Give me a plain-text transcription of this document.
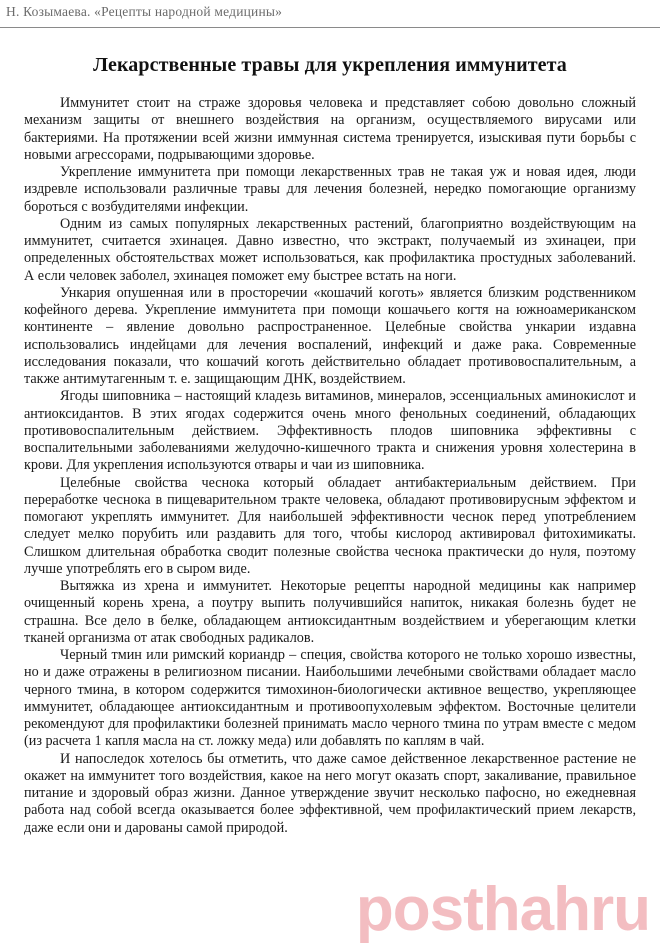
Н. Козымаева. «Рецепты народной медицины»
Лекарственные травы для укрепления иммунитета

Иммунитет стоит на страже здоровья человека и представляет собою довольно сложный механизм защиты от внешнего воздействия на организм, осуществляемого вирусами или бактериями. На протяжении всей жизни иммунная система тренируется, изыскивая пути борьбы с новыми агрессорами, подрывающими здоровье.

Укрепление иммунитета при помощи лекарственных трав не такая уж и новая идея, люди издревле использовали различные травы для лечения болезней, нередко помогающие организму бороться с возбудителями инфекции.

Одним из самых популярных лекарственных растений, благоприятно воздействующим на иммунитет, считается эхинацея. Давно известно, что экстракт, получаемый из эхинацеи, при определенных обстоятельствах может использоваться, как профилактика простудных заболеваний. А если человек заболел, эхинацея поможет ему быстрее встать на ноги.

Ункария опушенная или в просторечии «кошачий коготь» является близким родственником кофейного дерева. Укрепление иммунитета при помощи кошачьего когтя на южноамериканском континенте – явление довольно распространенное. Целебные свойства ункарии издавна использовались индейцами для лечения воспалений, инфекций и даже рака. Современные исследования показали, что кошачий коготь действительно обладает противовоспалительным, а также антимутагенным т. е. защищающим ДНК, воздействием.

Ягоды шиповника – настоящий кладезь витаминов, минералов, эссенциальных аминокислот и антиоксидантов. В этих ягодах содержится очень много фенольных соединений, обладающих противовоспалительным действием. Эффективность плодов шиповника эффективны с воспалительными заболеваниями желудочно-кишечного тракта и снижения уровня холестерина в крови. Для укрепления используются отвары и чаи из шиповника.

Целебные свойства чеснока который обладает антибактериальным действием. При переработке чеснока в пищеварительном тракте человека, обладают противовирусным эффектом и помогают укреплять иммунитет. Для наибольшей эффективности чеснок перед употреблением следует мелко порубить или раздавить для того, чтобы кислород активировал фитохимикаты. Слишком длительная обработка сводит полезные свойства чеснока практически до нуля, поэтому лучше употреблять его в сыром виде.

Вытяжка из хрена и иммунитет. Некоторые рецепты народной медицины как например очищенный корень хрена, а поутру выпить получившийся напиток, никакая болезнь будет не страшна. Все дело в белке, обладающем антиоксидантным воздействием и уберегающим клетки тканей организма от атак свободных радикалов.

Черный тмин или римский кориандр – специя, свойства которого не только хорошо известны, но и даже отражены в религиозном писании. Наибольшими лечебными свойствами обладает масло черного тмина, в котором содержится тимохинон-биологически активное вещество, укрепляющее иммунитет, обладающее антиоксидантным и противоопухолевым эффектом. Восточные целители рекомендуют для профилактики болезней принимать масло черного тмина по утрам вместе с медом (из расчета 1 капля масла на ст. ложку меда) или добавлять по каплям в чай.

И напоследок хотелось бы отметить, что даже самое действенное лекарственное растение не окажет на иммунитет того воздействия, какое на него могут оказать спорт, закаливание, правильное питание и здоровый образ жизни. Данное утверждение звучит несколько пафосно, но ежедневная работа над собой всегда оказывается более эффективной, чем профилактический прием лекарств, даже если они и дарованы самой природой.

posthahru
